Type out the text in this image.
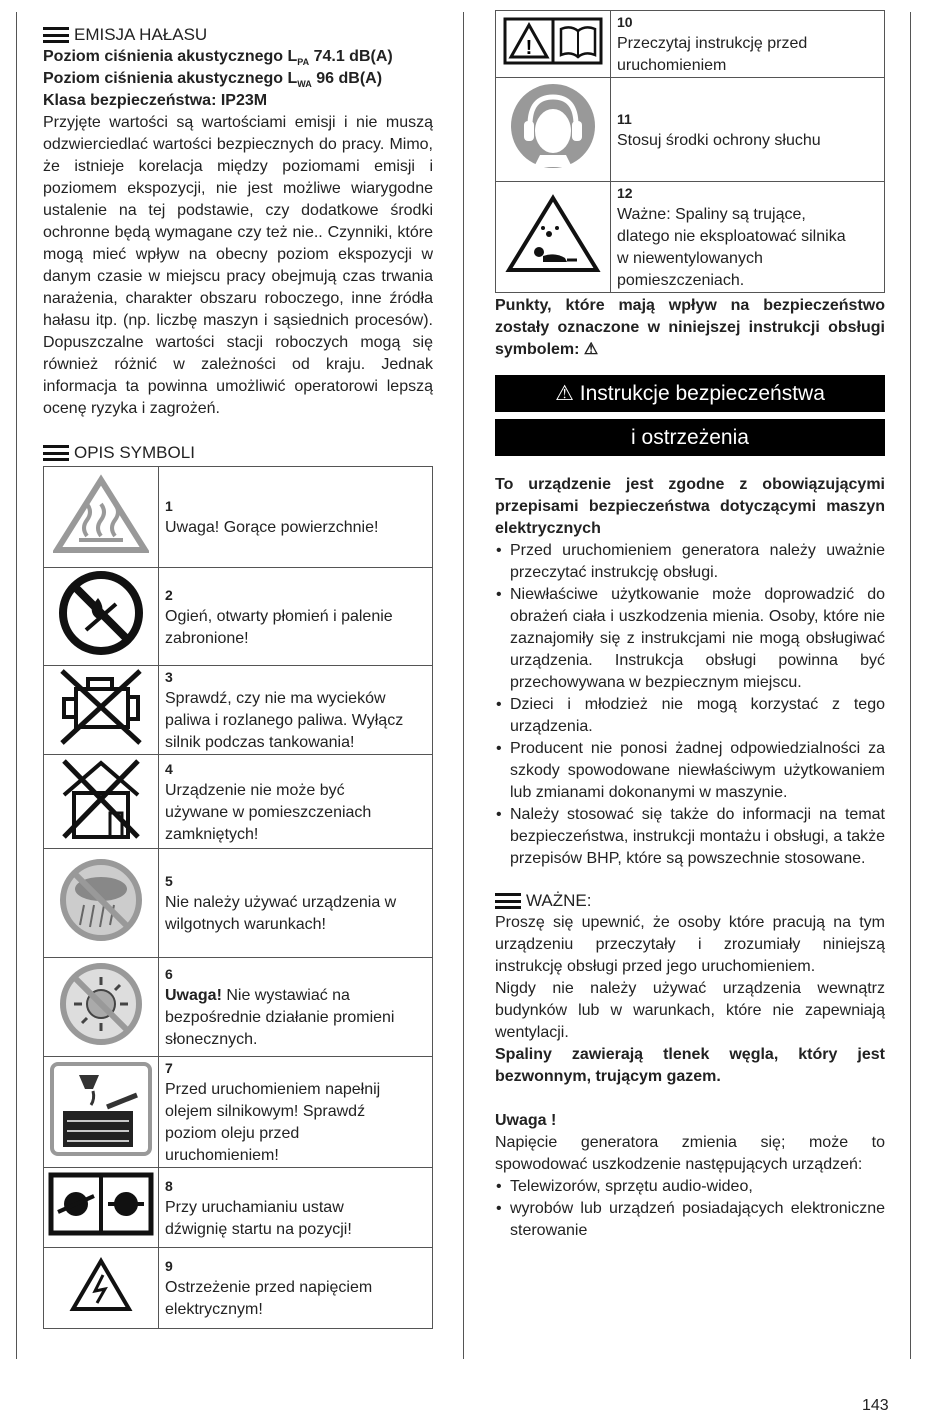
EMISJA HAŁASU
Poziom ciśnienia akustycznego $L_{PA}$ 74.1 dB(A)
Poziom ciśnienia akustycznego $L_{WA}$ 96 dB(A)
Klasa bezpieczeństwa: IP23M
Przyjęte wartości są wartościami emisji i nie muszą odzwierciedlać wartości bezpiecznych do pracy. Mimo, że istnieje korelacja między poziomami emisji i poziomem ekspozycji, nie jest możliwe wiarygodne ustalenie na tej podstawie, czy dodatkowe środki ochronne będą wymagane czy też nie.. Czynniki, które mogą mieć wpływ na obecny poziom ekspozycji w danym czasie w miejscu pracy obejmują czas trwania narażenia, charakter obszaru roboczego, inne źródła hałasu itp. (np. liczbę maszyn i sąsiednich procesów). Dopuszczalne wartości stacji roboczych mogą się również różnić w zależności od kraju. Jednak informacja ta powinna umożliwić operatorowi lepszą ocenę ryzyka i zagrożeń.
OPIS SYMBOLI
	1Uwaga! Gorące powierzchnie!
	2Ogień, otwarty płomień i palenie zabronione!
	3Sprawdź, czy nie ma wycieków paliwa i rozlanego paliwa. Wyłącz silnik podczas tankowania!
	4Urządzenie nie może być używane w pomieszczeniach zamkniętych!
	5Nie należy używać urządzenia w wilgotnych warunkach!
	6Uwaga! Nie wystawiać na bezpośrednie działanie promieni słonecznych.
	7Przed uruchomieniem napełnij olejem silnikowym! Sprawdź poziom oleju przed uruchomieniem!
	8Przy uruchamianiu ustaw dźwignię startu na pozycji!
	9Ostrzeżenie przed napięciem elektrycznym!
!	10Przeczytaj instrukcję przed uruchomieniem
	11Stosuj środki ochrony słuchu
	12Ważne: Spaliny są trujące, dlatego nie eksploatować silnika w niewentylowanych pomieszczeniach.
Punkty, które mają wpływ na bezpieczeństwo zostały oznaczone w niniejszej instrukcji obsługi symbolem: ⚠
⚠ Instrukcje bezpieczeństwa
i ostrzeżenia
To urządzenie jest zgodne z obowiązującymi przepisami bezpieczeństwa dotyczącymi maszyn elektrycznych
• Przed uruchomieniem generatora należy uważnie przeczytać instrukcję obsługi.
• Niewłaściwe użytkowanie może doprowadzić do obrażeń ciała i uszkodzenia mienia. Osoby, które nie zaznajomiły się z instrukcjami nie mogą obsługiwać urządzenia. Instrukcja obsługi powinna być przechowywana w bezpiecznym miejscu.
• Dzieci i młodzież nie mogą korzystać z tego urządzenia.
• Producent nie ponosi żadnej odpowiedzialności za szkody spowodowane niewłaściwym użytkowaniem lub zmianami dokonanymi w maszynie.
• Należy stosować się także do informacji na temat bezpieczeństwa, instrukcji montażu i obsługi, a także przepisów BHP, które są powszechnie stosowane.
WAŻNE:
Proszę się upewnić, że osoby które pracują na tym urządzeniu przeczytały i zrozumiały niniejszą instrukcję obsługi przed jego uruchomieniem.
Nigdy nie należy używać urządzenia wewnątrz budynków lub w warunkach, które nie zapewniają wentylacji.
Spaliny zawierają tlenek węgla, który jest bezwonnym, trującym gazem.
Uwaga !
Napięcie generatora zmienia się; może to spowodować uszkodzenie następujących urządzeń:
• Telewizorów, sprzętu audio-wideo,
• wyrobów lub urządzeń posiadających elektroniczne sterowanie
143
